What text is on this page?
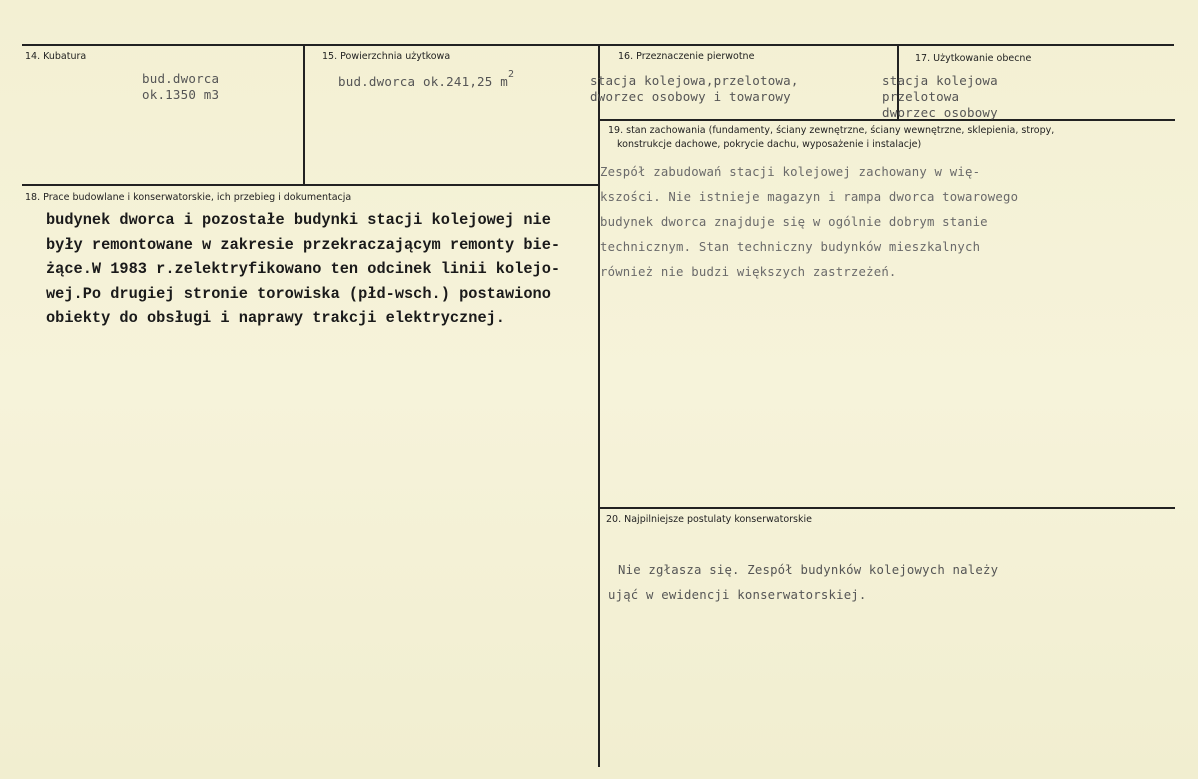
14. Kubatura
bud.dworca
ok.1350 m3
15. Powierzchnia użytkowa
bud.dworca ok.241,25 $m^2$
16. Przeznaczenie pierwotne
stacja kolejowa,przelotowa,
dworzec osobowy i towarowy
17. Użytkowanie obecne
stacja kolejowa
przelotowa
dworzec osobowy
19. stan zachowania (fundamenty, ściany zewnętrzne, ściany wewnętrzne, sklepienia, stropy,
konstrukcje dachowe, pokrycie dachu, wyposażenie i instalacje)
Zespół zabudowań stacji kolejowej zachowany w wię-
kszości. Nie istnieje magazyn i rampa dworca towarowego
budynek dworca znajduje się w ogólnie dobrym stanie
technicznym. Stan techniczny budynków mieszkalnych
również nie budzi większych zastrzeżeń.
18. Prace budowlane i konserwatorskie, ich przebieg i dokumentacja
budynek dworca i pozostałe budynki stacji kolejowej nie
były remontowane w zakresie przekraczającym remonty bie-
żące.W 1983 r.zelektryfikowano ten odcinek linii kolejo-
wej.Po drugiej stronie torowiska (płd-wsch.) postawiono
obiekty do obsługi i naprawy trakcji elektrycznej.
20. Najpilniejsze postulaty konserwatorskie
Nie zgłasza się. Zespół budynków kolejowych należy
ująć w ewidencji konserwatorskiej.
